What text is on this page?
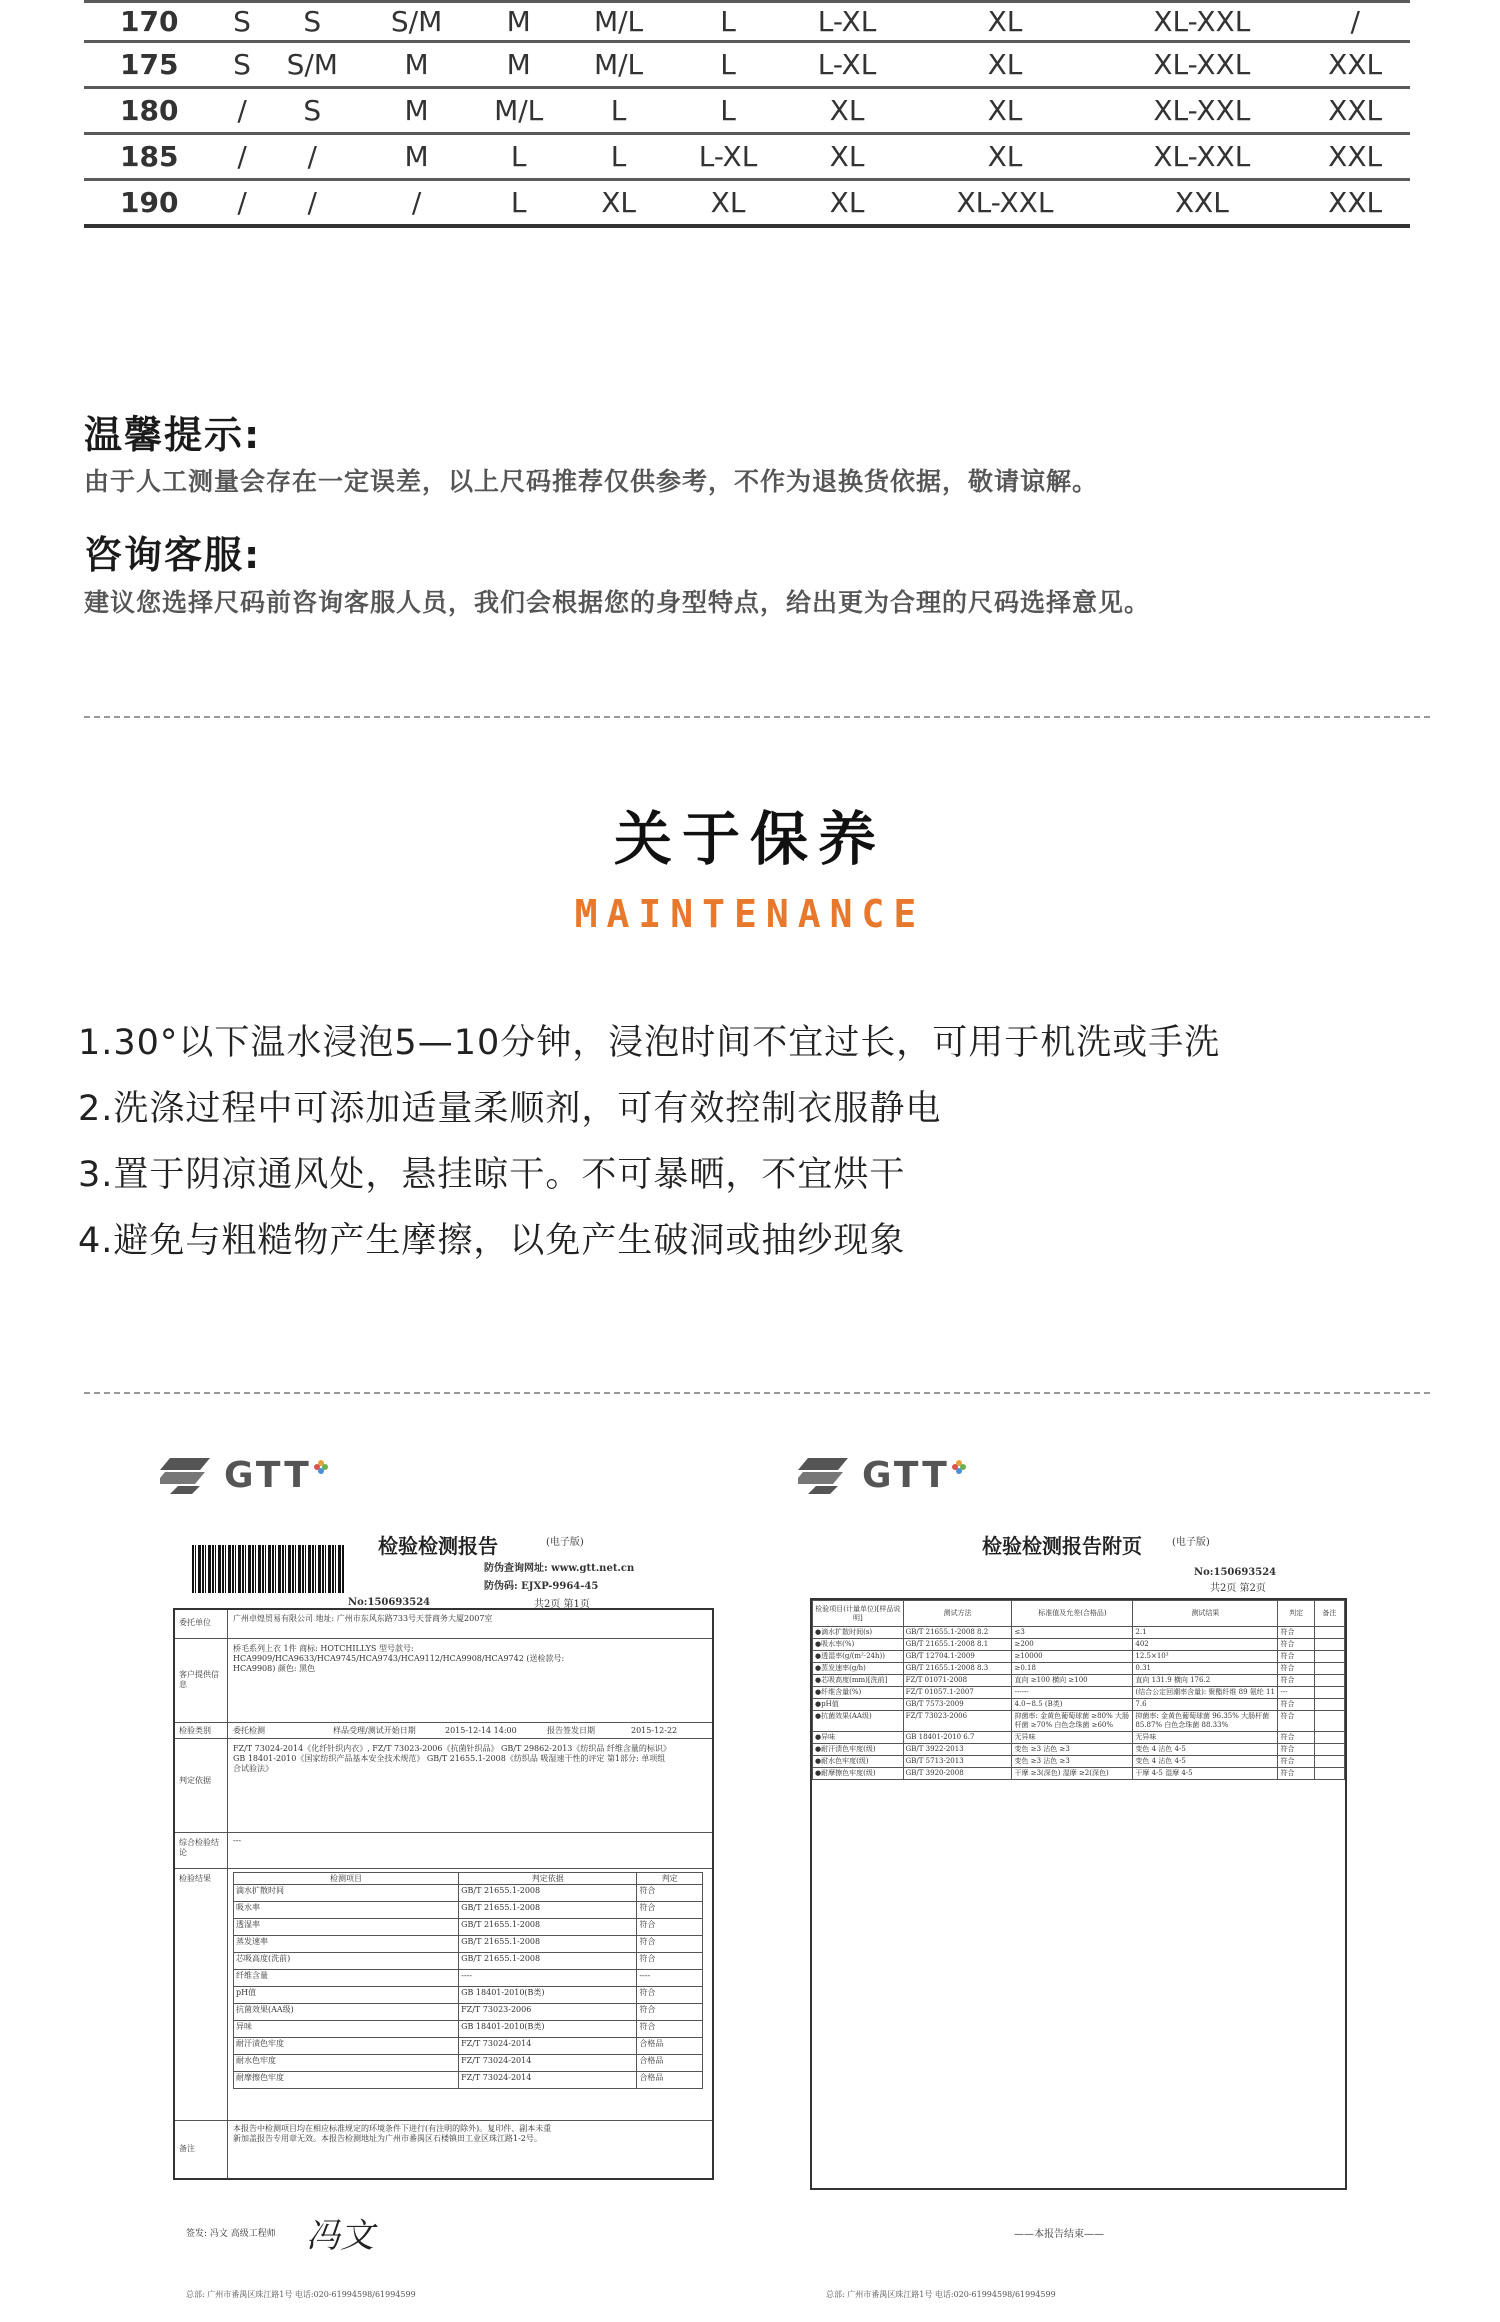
170	S	S	S/M	M	M/L	L	L-XL	XL	XL-XXL	/
175	S	S/M	M	M	M/L	L	L-XL	XL	XL-XXL	XXL
180	/	S	M	M/L	L	L	XL	XL	XL-XXL	XXL
185	/	/	M	L	L	L-XL	XL	XL	XL-XXL	XXL
190	/	/	/	L	XL	XL	XL	XL-XXL	XXL	XXL
温馨提示:
由于人工测量会存在一定误差，以上尺码推荐仅供参考，不作为退换货依据，敬请谅解。
咨询客服:
建议您选择尺码前咨询客服人员，我们会根据您的身型特点，给出更为合理的尺码选择意见。
关于保养
MAINTENANCE
1.30°以下温水浸泡5—10分钟，浸泡时间不宜过长，可用于机洗或手洗
2.洗涤过程中可添加适量柔顺剂，可有效控制衣服静电
3.置于阴凉通风处，悬挂晾干。不可暴晒，不宜烘干
4.避免与粗糙物产生摩擦，以免产生破洞或抽纱现象
GTT
检验检测报告	(电子版)
防伪查询网址: www.gtt.net.cn
防伪码: EJXP-9964-45
No:150693524	共2页 第1页
委托单位	广州卓煌贸易有限公司 地址: 广州市东风东路733号天誉商务大厦2007室
客户提供信息
桥毛系列上衣 1件 商标: HOTCHILLYS 型号款号: HCA9909/HCA9633/HCA9745/HCA9743/HCA9112/HCA9908/HCA9742 (送检款号: HCA9908) 颜色: 黑色
检验类别	委托检测	样品受理/测试开始日期	2015-12-14 14:00	报告签发日期	2015-12-22
判定依据
FZ/T 73024-2014《化纤针织内衣》, FZ/T 73023-2006《抗菌针织品》 GB/T 29862-2013《纺织品 纤维含量的标识》 GB 18401-2010《国家纺织产品基本安全技术规范》 GB/T 21655.1-2008《纺织品 吸湿速干性的评定 第1部分: 单项组合试验法》
综合检验结论
---
检验结果	检测项目	判定依据	判定
滴水扩散时间	GB/T 21655.1-2008	符合
吸水率	GB/T 21655.1-2008	符合
透湿率	GB/T 21655.1-2008	符合
蒸发速率	GB/T 21655.1-2008	符合
芯吸高度(洗前)	GB/T 21655.1-2008	符合
纤维含量	----	----
pH值	GB 18401-2010(B类)	符合
抗菌效果(AA级)	FZ/T 73023-2006	符合
异味	GB 18401-2010(B类)	符合
耐汗渍色牢度	FZ/T 73024-2014	合格品
耐水色牢度	FZ/T 73024-2014	合格品
耐摩擦色牢度	FZ/T 73024-2014	合格品
备注
本报告中检测项目均在相应标准规定的环境条件下进行(有注明的除外)。复印件、副本未重新加盖报告专用章无效。本报告检测地址为广州市番禺区石楼镇田工业区珠江路1-2号。
签发: 冯文 高级工程师 冯文
总部: 广州市番禺区珠江路1号 电话:020-61994598/61994599
GTT
检验检测报告附页	(电子版)
No:150693524
共2页 第2页
检验项目(计量单位)[样品说明]	测试方法	标准值及允差(合格品)	测试结果	判定	备注
●滴水扩散时间(s)	GB/T 21655.1-2008 8.2	≤3	2.1	符合	
●吸水率(%)	GB/T 21655.1-2008 8.1	≥200	402	符合	
●透湿率(g/(m²·24h))	GB/T 12704.1-2009	≥10000	12.5×10³	符合	
●蒸发速率(g/h)	GB/T 21655.1-2008 8.3	≥0.18	0.31	符合	
●芯吸高度(mm)[洗前]	FZ/T 01071-2008	直向 ≥100 横向 ≥100	直向 131.9 横向 176.2	符合	
●纤维含量(%)	FZ/T 01057.1-2007	------	(结合公定回潮率含量): 聚酯纤维 89 氨纶 11	---	
●pH值	GB/T 7573-2009	4.0~8.5 (B类)	7.6	符合	
●抗菌效果(AA级)	FZ/T 73023-2006	抑菌率: 金黄色葡萄球菌 ≥80% 大肠杆菌 ≥70% 白色念珠菌 ≥60%	抑菌率: 金黄色葡萄球菌 96.35% 大肠杆菌 85.87% 白色念珠菌 88.33%	符合	
●异味	GB 18401-2010 6.7	无异味	无异味	符合	
●耐汗渍色牢度(级)	GB/T 3922-2013	变色 ≥3 沾色 ≥3	变色 4 沾色 4-5	符合	
●耐水色牢度(级)	GB/T 5713-2013	变色 ≥3 沾色 ≥3	变色 4 沾色 4-5	符合	
●耐摩擦色牢度(级)	GB/T 3920-2008	干摩 ≥3(深色) 湿摩 ≥2(深色)	干摩 4-5 湿摩 4-5	符合	
——本报告结束——
总部: 广州市番禺区珠江路1号 电话:020-61994598/61994599
